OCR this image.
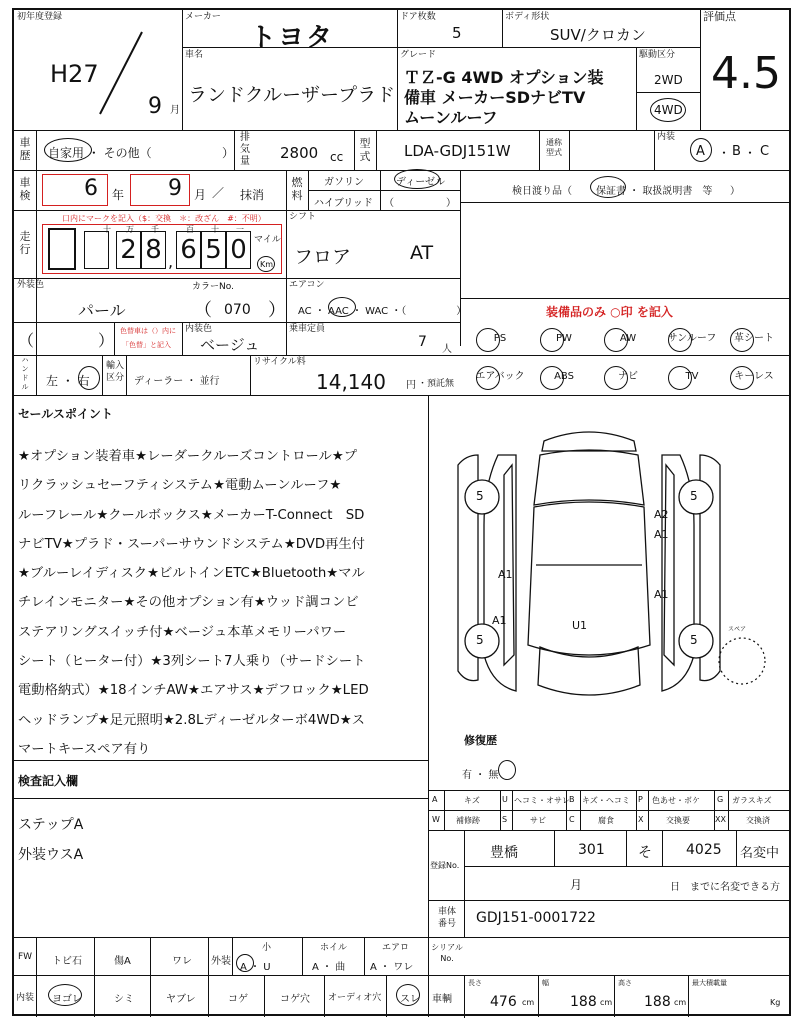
初年度登録
H27
9 月
メーカー
トヨタ
ドア枚数
5
ボディ形状
SUV/クロカン
評価点
4.5
車名
ランドクルーザープラド
グレード
ＴＺ-G 4WD オプション装
備車 メーカーSDナビTV
ムーンルーフ
駆動区分
2WD
4WD
車
歴 自家用 ・ その他（	）
排
気
量 2800 cc
型
式 LDA-GDJ151W	通称
型式
内装
A ・ B ・ C
車
検 6 年 9 月 ／ 抹消
燃
料
ガソリン	ディーゼル
ハイブリッド （	）
検日渡り品（ 保証書 ・ 取扱説明書　等 ）
走
行
口内にマークを記入（$：交換　＊：改ざん　#：不明）
2 8 , 6 5 0
十 万 千	百 十 一
マイル
Km
シフト
フロア	AT
外装色
パール
カラーNo.
（ 070 ）
エアコン
AC ・ AAC ・ WAC ・（　　　　　）	装備品のみ ○印 を記入
（	） 色替車は（）内に
「色替」と記入
内装色
ベージュ
乗車定員
7 人
PS	PW	AW	サンルーフ	革シート
ハ
ン
ド
ル 左 ・ 右
輸入
区分 ディーラー ・ 並行
リサイクル料
14,140 円 ・預託無
エアバック	ABS	ナビ	TV	キーレス
セールスポイント
★オプション装着車★レーダークルーズコントロール★プ
リクラッシュセーフティシステム★電動ムーンルーフ★
ルーフレール★クールボックス★メーカーT-Connect　SD
ナビTV★プラド・スーパーサウンドシステム★DVD再生付
★ブルーレイディスク★ビルトインETC★Bluetooth★マル
チレインモニター★その他オプション有★ウッド調コンビ
ステアリングスイッチ付★ベージュ本革メモリーパワー
シート（ヒーター付）★3列シート7人乗り（サードシート
電動格納式）★18インチAW★エアサス★デフロック★LED
ヘッドランプ★足元照明★2.8Lディーゼルターボ4WD★ス
マートキースペア有り
5	5
5	5
A2
A1
A1
A1
A1	U1	スペア
修復歴
有 ・ 無
検査記入欄
ステップA
外装ウスA
A	キズ	U ヘコミ・オサレ B キズ・ヘコミ P 色あせ・ボケ G ガラスキズ
W 補修跡	S	サビ	C	腐食	X	交換要	XX	交換済
登録No.
豊橋	301 そ 4025 名変中
月	日　までに名変できる方
車体
番号	GDJ151-0001722
FW トビ石	傷A	ワレ 外装
小
A ・ U
ホイル
A ・ 曲
エアロ
A ・ ワレ
シリアル
No.
内装 ヨゴレ	シミ	ヤブレ	コゲ	コゲ穴 オーディオ穴 スレ 車輌
長さ
476 cm
幅
188 cm
高さ
188 cm
最大積載量
Kg
